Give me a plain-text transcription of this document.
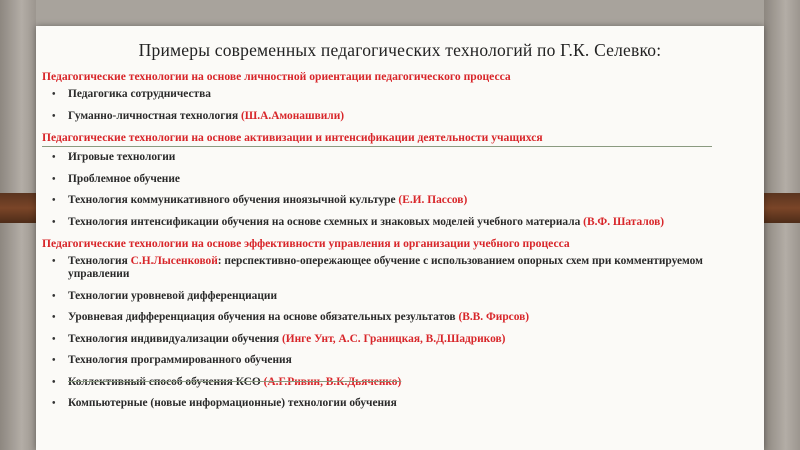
Примеры современных педагогических технологий по Г.К. Селевко:
Педагогические технологии на основе личностной ориентации педагогического процесса
• Педагогика сотрудничества
• Гуманно-личностная технология (Ш.А.Амонашвили)
Педагогические технологии на основе активизации и интенсификации деятельности учащихся
• Игровые технологии
• Проблемное обучение
• Технология коммуникативного обучения иноязычной культуре (Е.И. Пассов)
• Технология интенсификации обучения на основе схемных и знаковых моделей учебного материала (В.Ф. Шаталов)
Педагогические технологии на основе эффективности управления и организации учебного процесса
• Технология С.Н.Лысенковой: перспективно-опережающее обучение с использованием опорных схем при комментируемом управлении
• Технологии уровневой дифференциации
• Уровневая дифференциация обучения на основе обязательных результатов (В.В. Фирсов)
• Технология индивидуализации обучения (Инге Унт, А.С. Границкая, В.Д.Шадриков)
• Технология программированного обучения
• Коллективный способ обучения КСО (А.Г.Ривин, В.К.Дьяченко)
• Компьютерные (новые информационные) технологии обучения
